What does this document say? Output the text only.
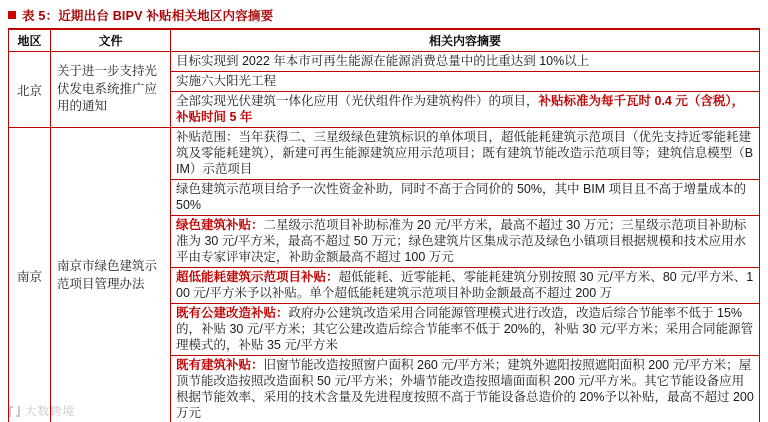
表 5：近期出台 BIPV 补贴相关地区内容摘要
地区	文件	相关内容摘要
北京	关于进一步支持光伏发电系统推广应用的通知	目标实现到 2022 年本市可再生能源在能源消费总量中的比重达到 10%以上
		实施六大阳光工程
		全部实现光伏建筑一体化应用（光伏组件作为建筑构件）的项目，补贴标准为每千瓦时 0.4 元（含税），补贴时间 5 年
南京	南京市绿色建筑示范项目管理办法	补贴范围：当年获得二、三星级绿色建筑标识的单体项目，超低能耗建筑示范项目（优先支持近零能耗建筑及零能耗建筑），新建可再生能源建筑应用示范项目；既有建筑节能改造示范项目等；建筑信息模型（BIM）示范项目
		绿色建筑示范项目给予一次性资金补助，同时不高于合同价的 50%，其中 BIM 项目且不高于增量成本的 50%
		绿色建筑补贴：二星级示范项目补助标准为 20 元/平方米，最高不超过 30 万元；三星级示范项目补助标准为 30 元/平方米，最高不超过 50 万元；绿色建筑片区集成示范及绿色小镇项目根据规模和技术应用水平由专家评审决定，补助金额最高不超过 100 万元
		超低能耗建筑示范项目补贴：超低能耗、近零能耗、零能耗建筑分别按照 30 元/平方米、80 元/平方米、100 元/平方米予以补贴。单个超低能耗建筑示范项目补助金额最高不超过 200 万
		既有公建改造补贴：政府办公建筑改造采用合同能源管理模式进行改造，改造后综合节能率不低于 15%的，补贴 30 元/平方米；其它公建改造后综合节能率不低于 20%的，补贴 30 元/平方米；采用合同能源管理模式的，补贴 35 元/平方米
		既有建筑补贴：旧窗节能改造按照窗户面积 260 元/平方米；建筑外遮阳按照遮阳面积 200 元/平方米；屋顶节能改造按照改造面积 50 元/平方米；外墙节能改造按照墙面面积 200 元/平方米。其它节能设备应用根据节能效率、采用的技术含量及先进程度按照不高于节能设备总造价的 20%予以补贴，最高不超过 200 万元
大数跨境
